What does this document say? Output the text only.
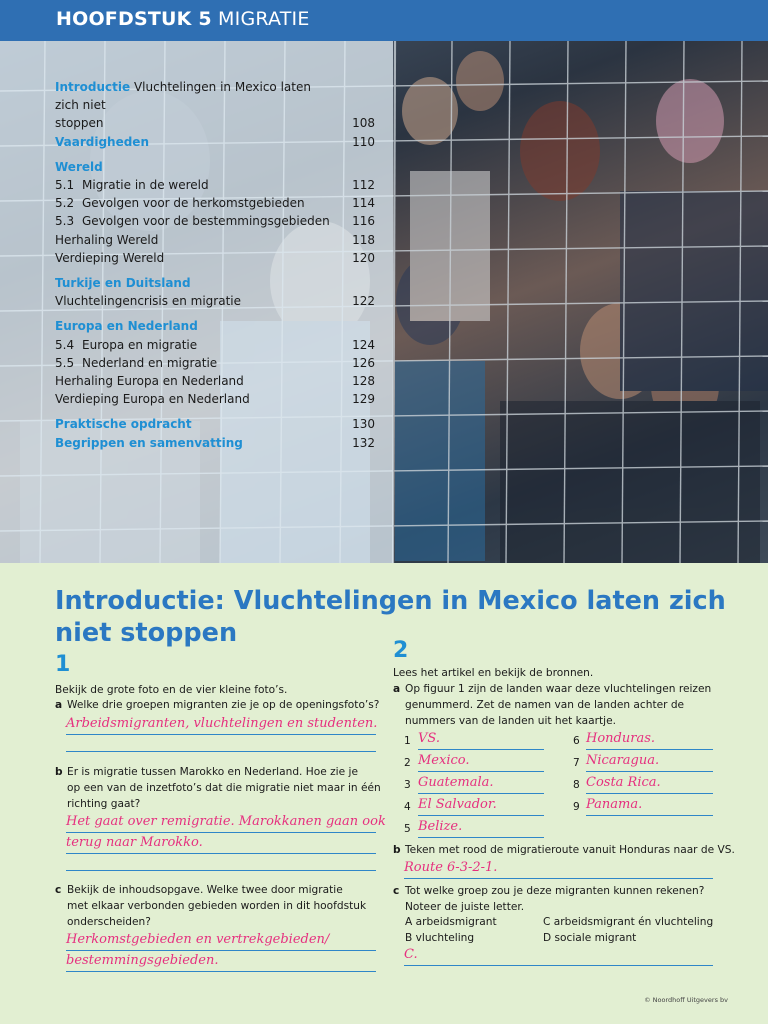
HOOFDSTUK 5 MIGRATIE
Introductie Vluchtelingen in Mexico laten zich niet
stoppen	108
Vaardigheden	110
Wereld
5.1 Migratie in de wereld	112
5.2 Gevolgen voor de herkomstgebieden	114
5.3 Gevolgen voor de bestemmingsgebieden 116
Herhaling Wereld	118
Verdieping Wereld	120
Turkije en Duitsland
Vluchtelingencrisis en migratie	122
Europa en Nederland
5.4 Europa en migratie	124
5.5 Nederland en migratie	126
Herhaling Europa en Nederland	128
Verdieping Europa en Nederland	129
Praktische opdracht	130
Begrippen en samenvatting	132
Introductie: Vluchtelingen in Mexico laten zich
niet stoppen
1
Bekijk de grote foto en de vier kleine foto’s.
a Welke drie groepen migranten zie je op de openingsfoto’s?
Arbeidsmigranten, vluchtelingen en studenten.
b Er is migratie tussen Marokko en Nederland. Hoe zie je
op een van de inzetfoto’s dat die migratie niet maar in één
richting gaat?
Het gaat over remigratie. Marokkanen gaan ook
terug naar Marokko.
c Bekijk de inhoudsopgave. Welke twee door migratie
met elkaar verbonden gebieden worden in dit hoofdstuk
onderscheiden?
Herkomstgebieden en vertrekgebieden/
bestemmingsgebieden.
2
Lees het artikel en bekijk de bronnen.
a Op figuur 1 zijn de landen waar deze vluchtelingen reizen
genummerd. Zet de namen van de landen achter de
nummers van de landen uit het kaartje.
1 VS.
2 Mexico.
3 Guatemala.
4 El Salvador.
5 Belize.
6 Honduras.
7 Nicaragua.
8 Costa Rica.
9 Panama.
b Teken met rood de migratieroute vanuit Honduras naar de VS.
Route 6-3-2-1.
c Tot welke groep zou je deze migranten kunnen rekenen?
Noteer de juiste letter.
A arbeidsmigrant
B vluchteling
C arbeidsmigrant én vluchteling
D sociale migrant
C.
© Noordhoff Uitgevers bv
